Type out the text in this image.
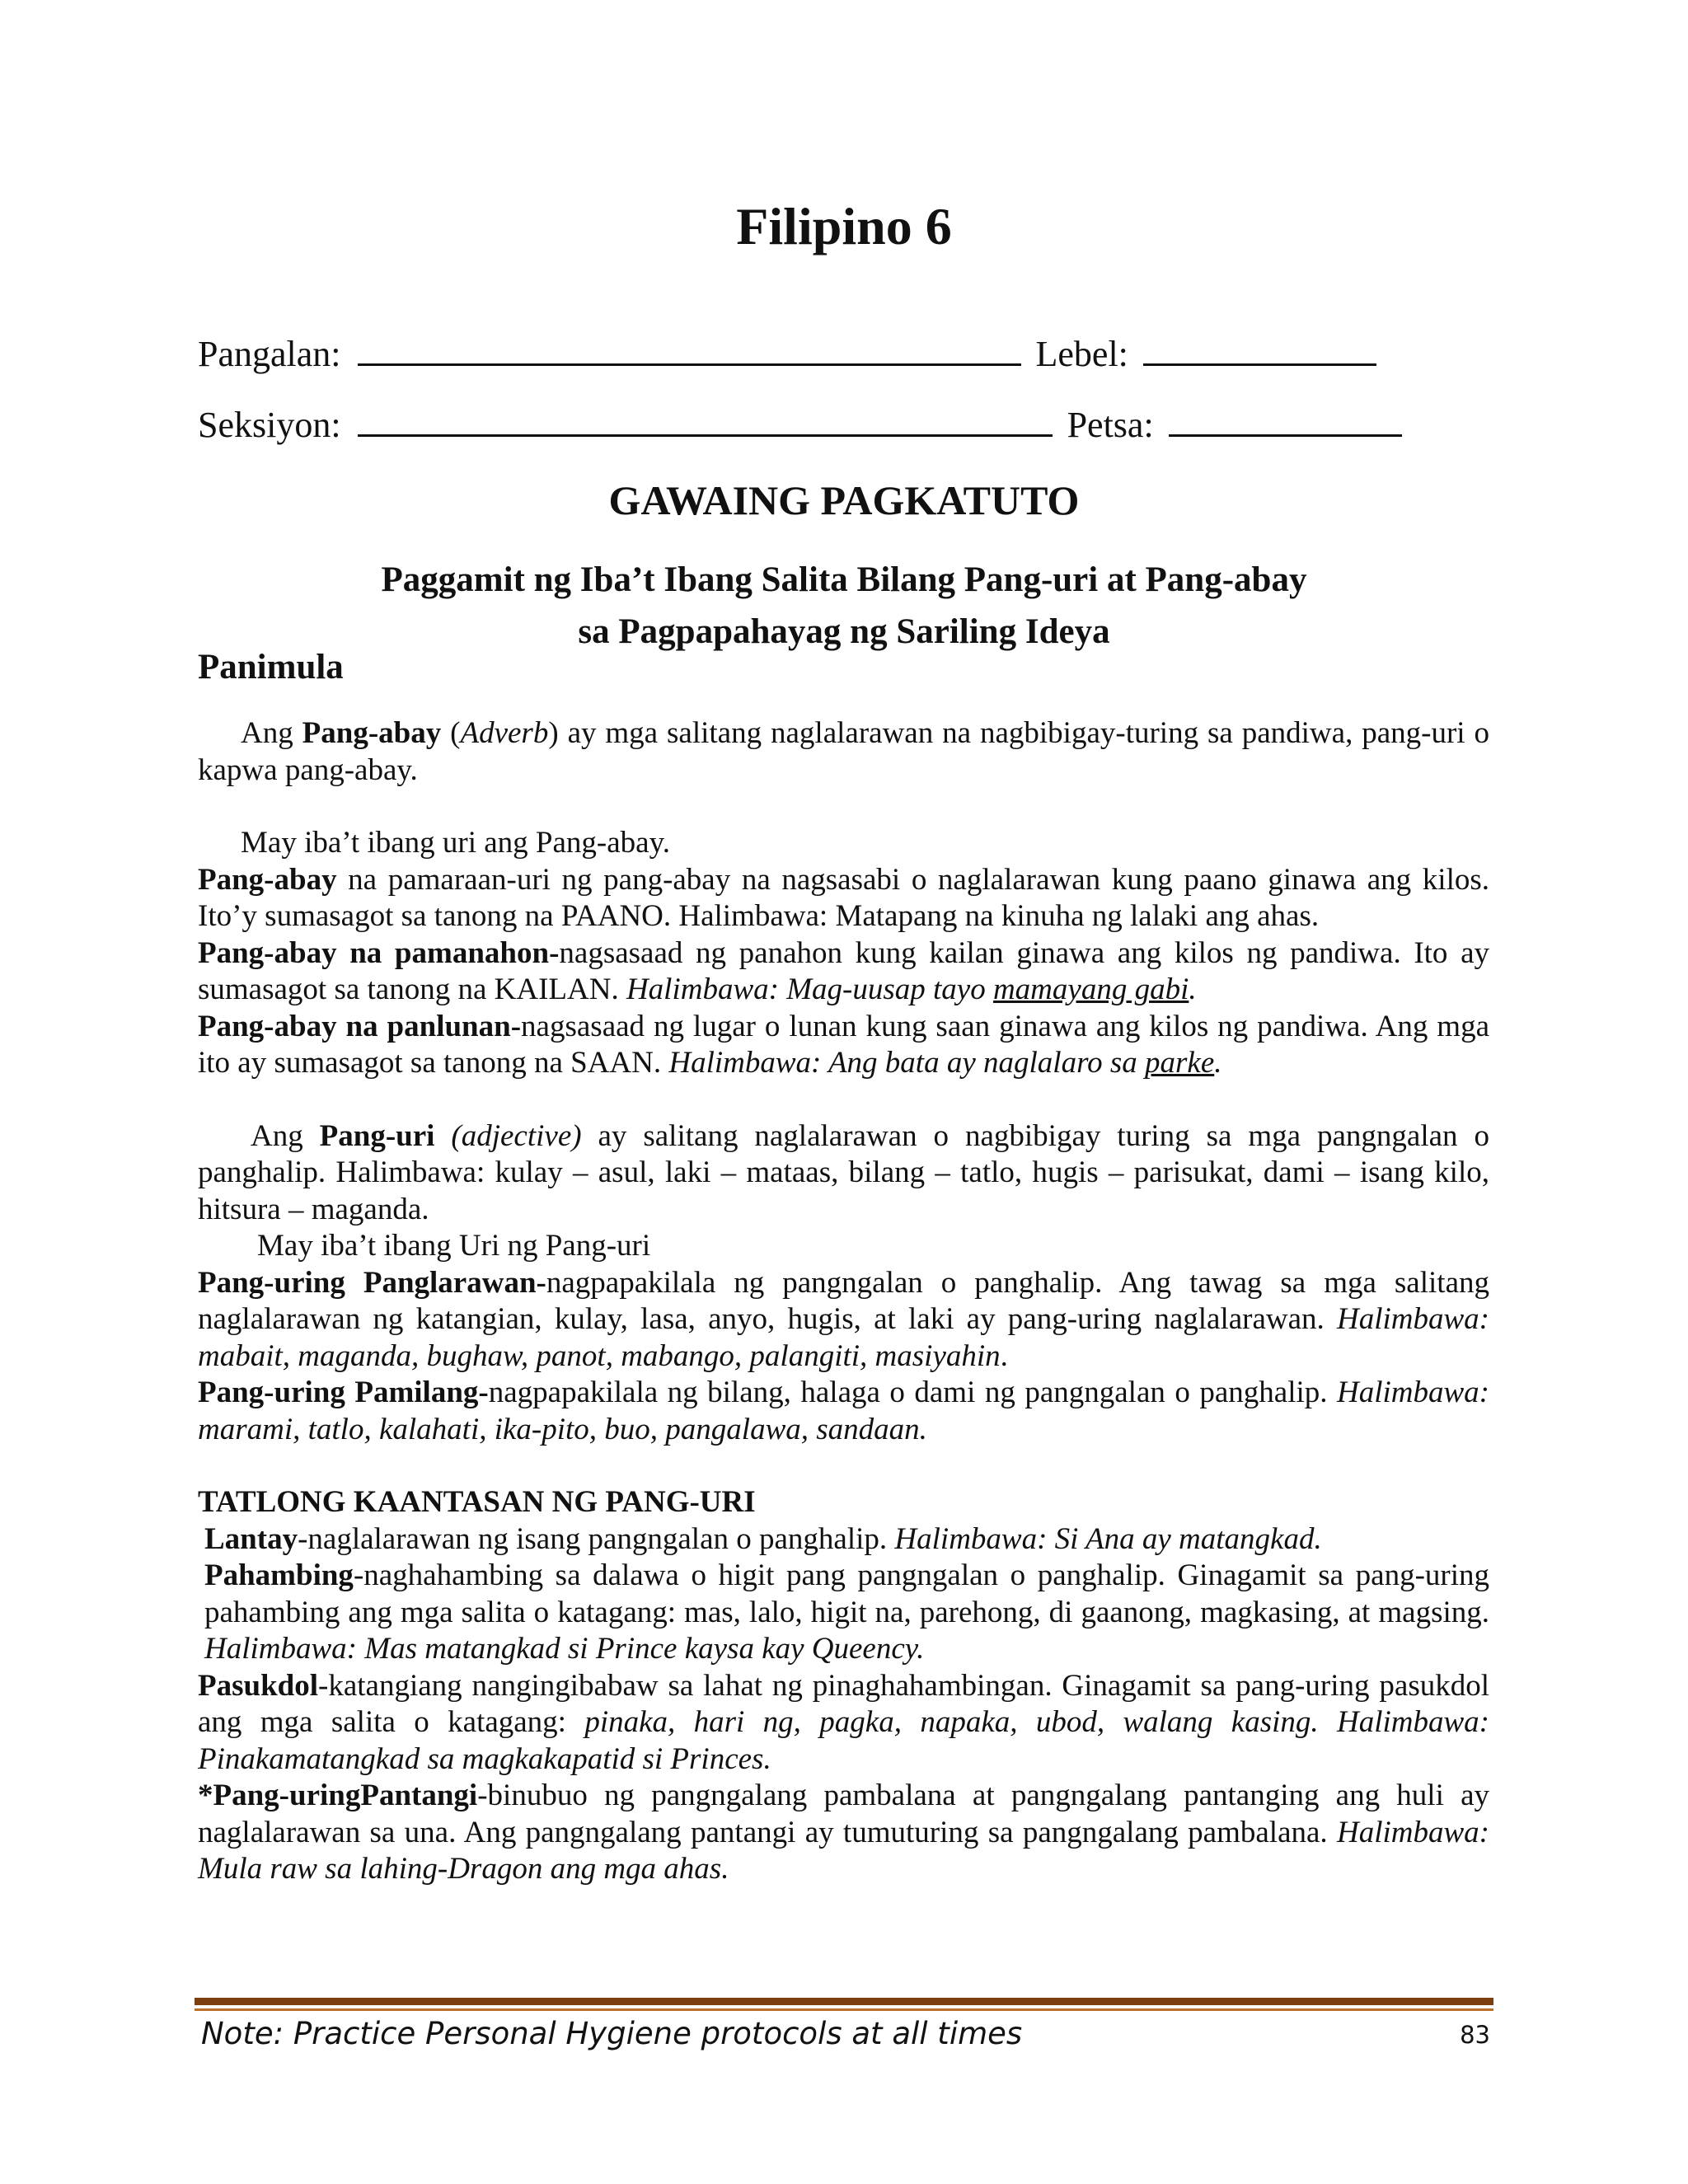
Filipino 6
Pangalan:	Lebel:
Seksiyon:	Petsa:
GAWAING PAGKATUTO
Paggamit ng Iba’t Ibang Salita Bilang Pang-uri at Pang-abay
sa Pagpapahayag ng Sariling Ideya
Panimula

Ang Pang-abay (Adverb) ay mga salitang naglalarawan na nagbibigay-turing sa pandiwa, pang-uri o kapwa pang-abay.

May iba’t ibang uri ang Pang-abay.

Pang-abay na pamaraan-uri ng pang-abay na nagsasabi o naglalarawan kung paano ginawa ang kilos. Ito’y sumasagot sa tanong na PAANO. Halimbawa: Matapang na kinuha ng lalaki ang ahas.

Pang-abay na pamanahon-nagsasaad ng panahon kung kailan ginawa ang kilos ng pandiwa. Ito ay sumasagot sa tanong na KAILAN. Halimbawa: Mag-uusap tayo mamayang gabi.

Pang-abay na panlunan-nagsasaad ng lugar o lunan kung saan ginawa ang kilos ng pandiwa. Ang mga ito ay sumasagot sa tanong na SAAN. Halimbawa: Ang bata ay naglalaro sa parke.

Ang Pang-uri (adjective) ay salitang naglalarawan o nagbibigay turing sa mga pangngalan o panghalip. Halimbawa: kulay – asul, laki – mataas, bilang – tatlo, hugis – parisukat, dami – isang kilo, hitsura – maganda.

May iba’t ibang Uri ng Pang-uri

Pang-uring Panglarawan-nagpapakilala ng pangngalan o panghalip. Ang tawag sa mga salitang naglalarawan ng katangian, kulay, lasa, anyo, hugis, at laki ay pang-uring naglalarawan. Halimbawa: mabait, maganda, bughaw, panot, mabango, palangiti, masiyahin.

Pang-uring Pamilang-nagpapakilala ng bilang, halaga o dami ng pangngalan o panghalip. Halimbawa: marami, tatlo, kalahati, ika-pito, buo, pangalawa, sandaan.

TATLONG KAANTASAN NG PANG-URI

Lantay-naglalarawan ng isang pangngalan o panghalip. Halimbawa: Si Ana ay matangkad.

Pahambing-naghahambing sa dalawa o higit pang pangngalan o panghalip. Ginagamit sa pang-uring pahambing ang mga salita o katagang: mas, lalo, higit na, parehong, di gaanong, magkasing, at magsing. Halimbawa: Mas matangkad si Prince kaysa kay Queency.

Pasukdol-katangiang nangingibabaw sa lahat ng pinaghahambingan. Ginagamit sa pang-uring pasukdol ang mga salita o katagang: pinaka, hari ng, pagka, napaka, ubod, walang kasing. Halimbawa: Pinakamatangkad sa magkakapatid si Princes.

*Pang-uringPantangi-binubuo ng pangngalang pambalana at pangngalang pantanging ang huli ay naglalarawan sa una. Ang pangngalang pantangi ay tumuturing sa pangngalang pambalana. Halimbawa: Mula raw sa lahing-Dragon ang mga ahas.

Note: Practice Personal Hygiene protocols at all times	83
